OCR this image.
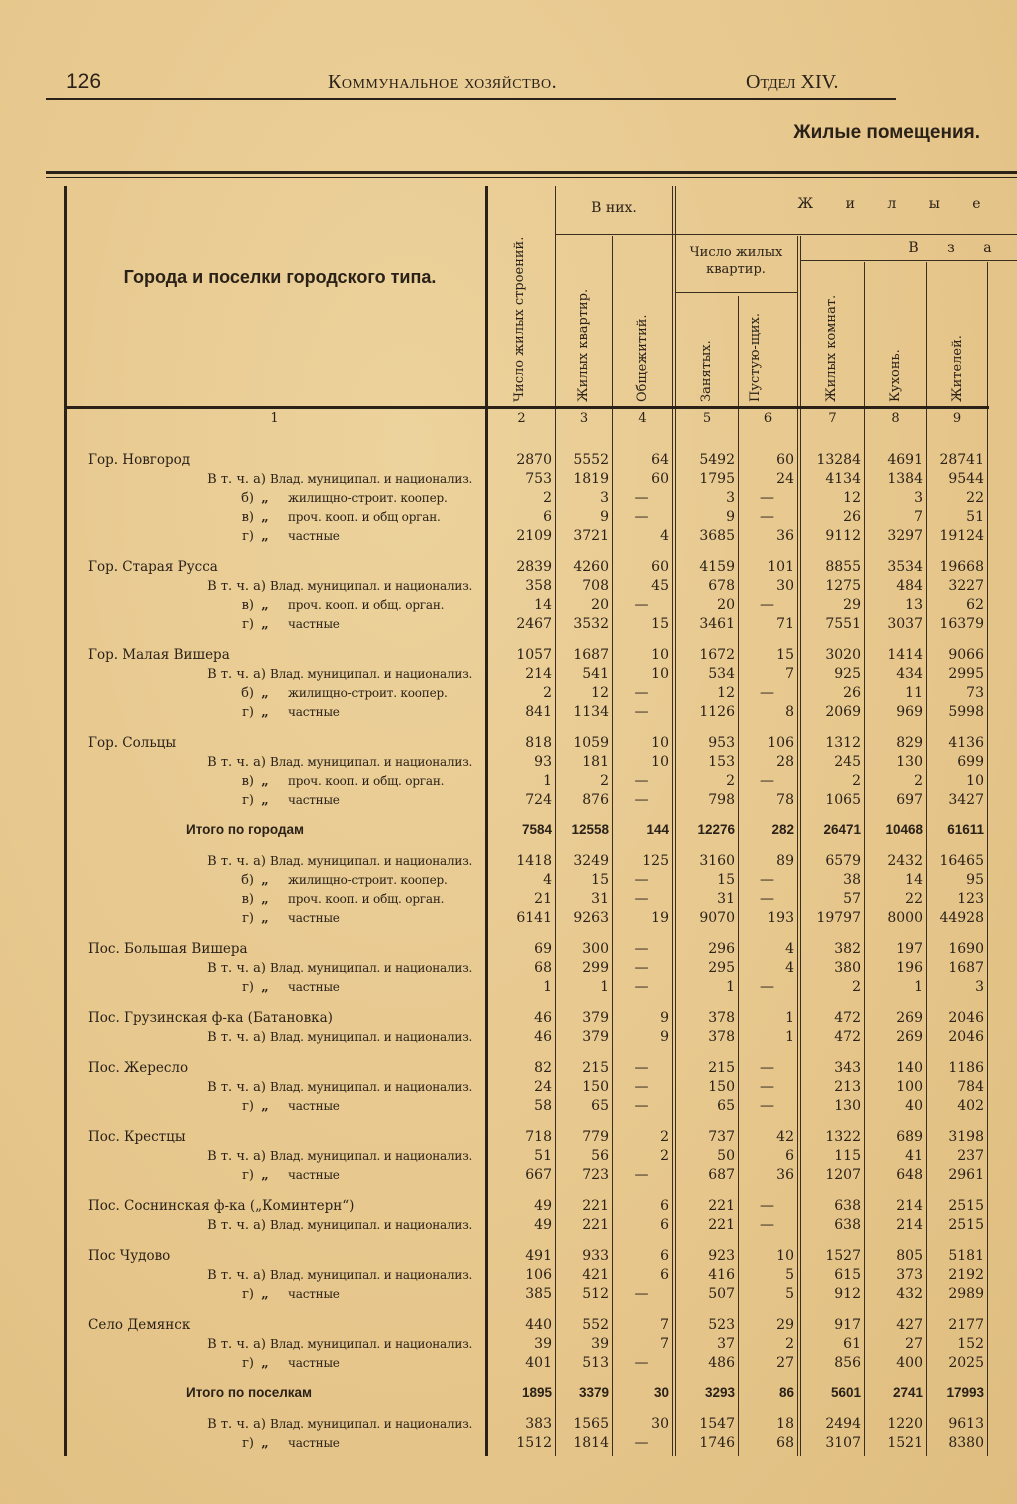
126	Коммунальное хозяйство.	Отдел XIV.
Жилые помещения.
Города и поселки городского типа.	Число жилых строений.
В них.
Жилых квартир.	Общежитий.
Ж и л ы е
Число жилых квартир.
Занятых.	Пустую-щих.
В з а
Жилых комнат.	Кухонь.	Жителей.
1	2	3	4	5	6	7	8	9
Гор. Новгород	2870	5552	64	5492	60	13284	4691	28741
В т. ч. а) Влад. муниципал. и национализ.	753	1819	60	1795	24	4134	1384	9544
б) „ жилищно-строит. коопер.	2	3	—	3	—	12	3	22
в) „ проч. кооп. и общ орган.	6	9	—	9	—	26	7	51
г) „ частные	2109	3721	4	3685	36	9112	3297	19124
Гор. Старая Русса	2839	4260	60	4159	101	8855	3534	19668
В т. ч. а) Влад. муниципал. и национализ.	358	708	45	678	30	1275	484	3227
в) „ проч. кооп. и общ. орган.	14	20	—	20	—	29	13	62
г) „ частные	2467	3532	15	3461	71	7551	3037	16379
Гор. Малая Вишера	1057	1687	10	1672	15	3020	1414	9066
В т. ч. а) Влад. муниципал. и национализ.	214	541	10	534	7	925	434	2995
б) „ жилищно-строит. коопер.	2	12	—	12	—	26	11	73
г) „ частные	841	1134	—	1126	8	2069	969	5998
Гор. Сольцы	818	1059	10	953	106	1312	829	4136
В т. ч. а) Влад. муниципал. и национализ.	93	181	10	153	28	245	130	699
в) „ проч. кооп. и общ. орган.	1	2	—	2	—	2	2	10
г) „ частные	724	876	—	798	78	1065	697	3427
Итого по городам	7584	12558	144	12276	282	26471	10468	61611
В т. ч. а) Влад. муниципал. и национализ.	1418	3249	125	3160	89	6579	2432	16465
б) „ жилищно-строит. коопер.	4	15	—	15	—	38	14	95
в) „ проч. кооп. и общ. орган.	21	31	—	31	—	57	22	123
г) „ частные	6141	9263	19	9070	193	19797	8000	44928
Пос. Большая Вишера	69	300	—	296	4	382	197	1690
В т. ч. а) Влад. муниципал. и национализ.	68	299	—	295	4	380	196	1687
г) „ частные	1	1	—	1	—	2	1	3
Пос. Грузинская ф-ка (Батановка)	46	379	9	378	1	472	269	2046
В т. ч. а) Влад. муниципал. и национализ.	46	379	9	378	1	472	269	2046
Пос. Жересло	82	215	—	215	—	343	140	1186
В т. ч. а) Влад. муниципал. и национализ.	24	150	—	150	—	213	100	784
г) „ частные	58	65	—	65	—	130	40	402
Пос. Крестцы	718	779	2	737	42	1322	689	3198
В т. ч. а) Влад. муниципал. и национализ.	51	56	2	50	6	115	41	237
г) „ частные	667	723	—	687	36	1207	648	2961
Пос. Соснинская ф-ка („Коминтерн“)	49	221	6	221	—	638	214	2515
В т. ч. а) Влад. муниципал. и национализ.	49	221	6	221	—	638	214	2515
Пос Чудово	491	933	6	923	10	1527	805	5181
В т. ч. а) Влад. муниципал. и национализ.	106	421	6	416	5	615	373	2192
г) „ частные	385	512	—	507	5	912	432	2989
Село Демянск	440	552	7	523	29	917	427	2177
В т. ч. а) Влад. муниципал. и национализ.	39	39	7	37	2	61	27	152
г) „ частные	401	513	—	486	27	856	400	2025
Итого по поселкам	1895	3379	30	3293	86	5601	2741	17993
В т. ч. а) Влад. муниципал. и национализ.	383	1565	30	1547	18	2494	1220	9613
г) „ частные	1512	1814	—	1746	68	3107	1521	8380
